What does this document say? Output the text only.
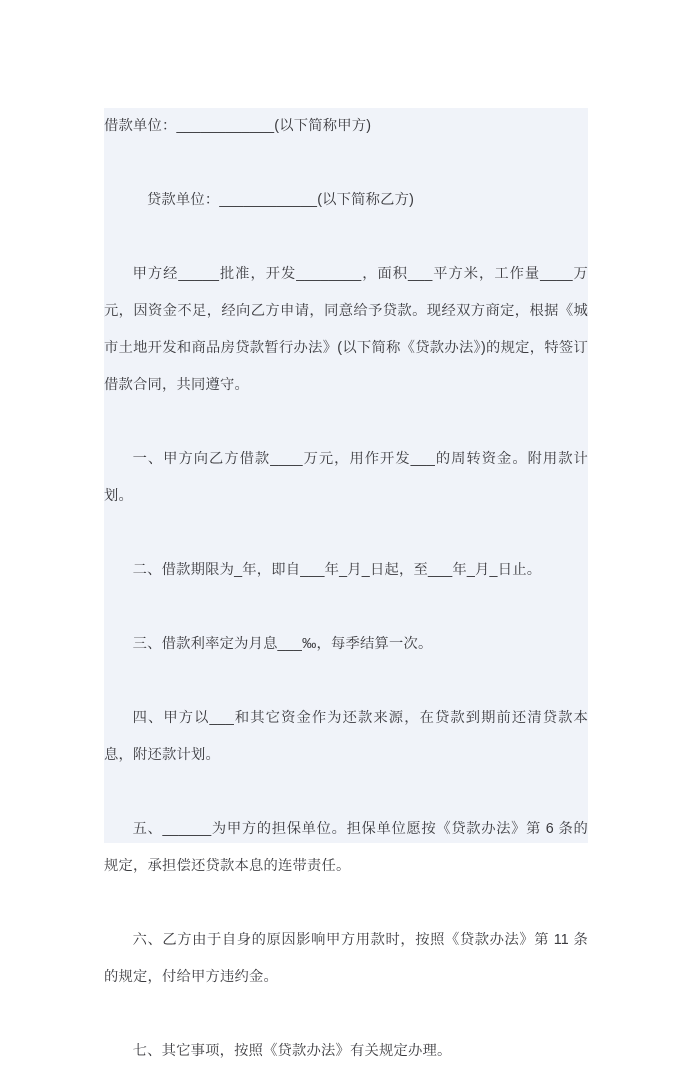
借款单位：____________(以下简称甲方)

贷款单位：____________(以下简称乙方)

甲方经_____批准，开发________，面积___平方米，工作量____万元，因资金不足，经向乙方申请，同意给予贷款。现经双方商定，根据《城市土地开发和商品房贷款暂行办法》(以下简称《贷款办法》)的规定，特签订借款合同，共同遵守。

一、甲方向乙方借款____万元，用作开发___的周转资金。附用款计划。

二、借款期限为_年，即自___年_月_日起，至___年_月_日止。

三、借款利率定为月息___‰，每季结算一次。

四、甲方以___和其它资金作为还款来源，在贷款到期前还清贷款本息，附还款计划。

五、______为甲方的担保单位。担保单位愿按《贷款办法》第 6 条的规定，承担偿还贷款本息的连带责任。

六、乙方由于自身的原因影响甲方用款时，按照《贷款办法》第 11 条的规定，付给甲方违约金。

七、其它事项，按照《贷款办法》有关规定办理。
